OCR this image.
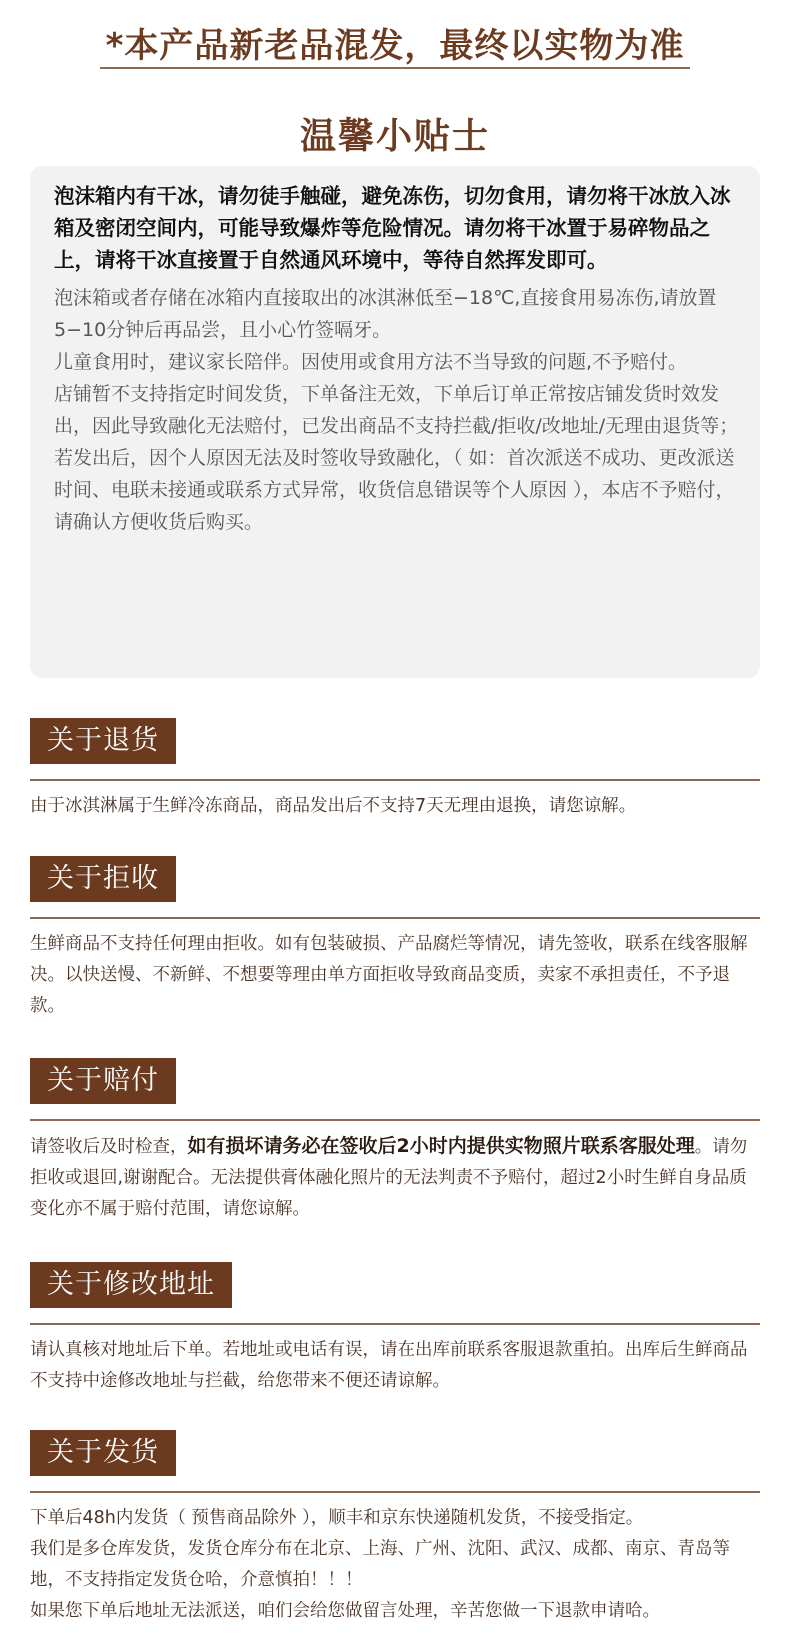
*本产品新老品混发，最终以实物为准
温馨小贴士

泡沫箱内有干冰，请勿徒手触碰，避免冻伤，切勿食用，请勿将干冰放入冰箱及密闭空间内，可能导致爆炸等危险情况。请勿将干冰置于易碎物品之上，请将干冰直接置于自然通风环境中，等待自然挥发即可。

泡沫箱或者存储在冰箱内直接取出的冰淇淋低至−18℃,直接食用易冻伤,请放置5−10分钟后再品尝，且小心竹签嗝牙。

儿童食用时，建议家长陪伴。因使用或食用方法不当导致的问题,不予赔付。

店铺暂不支持指定时间发货，下单备注无效，下单后订单正常按店铺发货时效发出，因此导致融化无法赔付，已发出商品不支持拦截/拒收/改地址/无理由退货等；

若发出后，因个人原因无法及时签收导致融化，（ 如：首次派送不成功、更改派送时间、电联未接通或联系方式异常，收货信息错误等个人原因 ），本店不予赔付，请确认方便收货后购买。

关于退货

由于冰淇淋属于生鲜冷冻商品，商品发出后不支持7天无理由退换，请您谅解。

关于拒收

生鲜商品不支持任何理由拒收。如有包装破损、产品腐烂等情况，请先签收，联系在线客服解决。以快送慢、不新鲜、不想要等理由单方面拒收导致商品变质，卖家不承担责任，不予退款。

关于赔付

请签收后及时检查，如有损坏请务必在签收后2小时内提供实物照片联系客服处理。请勿拒收或退回,谢谢配合。无法提供膏体融化照片的无法判责不予赔付，超过2小时生鲜自身品质变化亦不属于赔付范围，请您谅解。

关于修改地址

请认真核对地址后下单。若地址或电话有误，请在出库前联系客服退款重拍。出库后生鲜商品不支持中途修改地址与拦截，给您带来不便还请谅解。

关于发货
下单后48h内发货（ 预售商品除外 ），顺丰和京东快递随机发货，不接受指定。
我们是多仓库发货，发货仓库分布在北京、上海、广州、沈阳、武汉、成都、南京、青岛等地，不支持指定发货仓哈，介意慎拍！！！
如果您下单后地址无法派送，咱们会给您做留言处理，辛苦您做一下退款申请哈。
